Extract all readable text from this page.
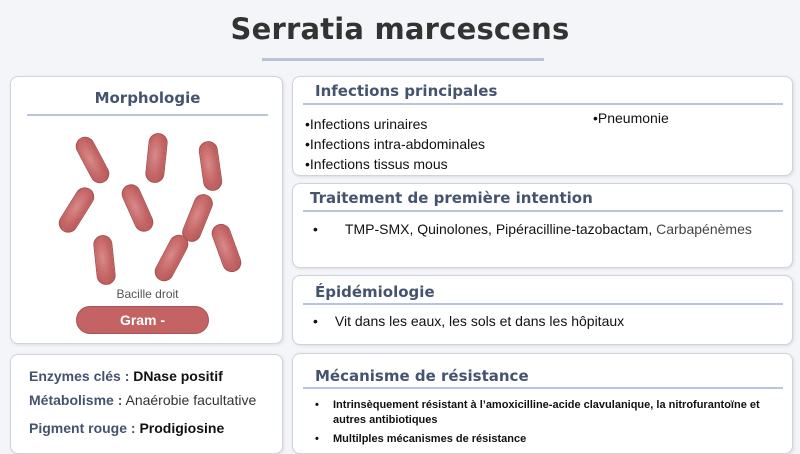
Serratia marcescens
Morphologie
Bacille droit
Gram -
Enzymes clés : DNase positif
Métabolisme : Anaérobie facultative
Pigment rouge : Prodigiosine
Infections principales
•Infections urinaires
•Infections intra-abdominales
•Infections tissus mous
•Pneumonie
Traitement de première intention
• TMP-SMX, Quinolones, Pipéracilline-tazobactam, Carbapénèmes
Épidémiologie
• Vit dans les eaux, les sols et dans les hôpitaux
Mécanisme de résistance
• Intrinsèquement résistant à l’amoxicilline-acide clavulanique, la nitrofurantoïne et autres antibiotiques
• Multilples mécanismes de résistance
